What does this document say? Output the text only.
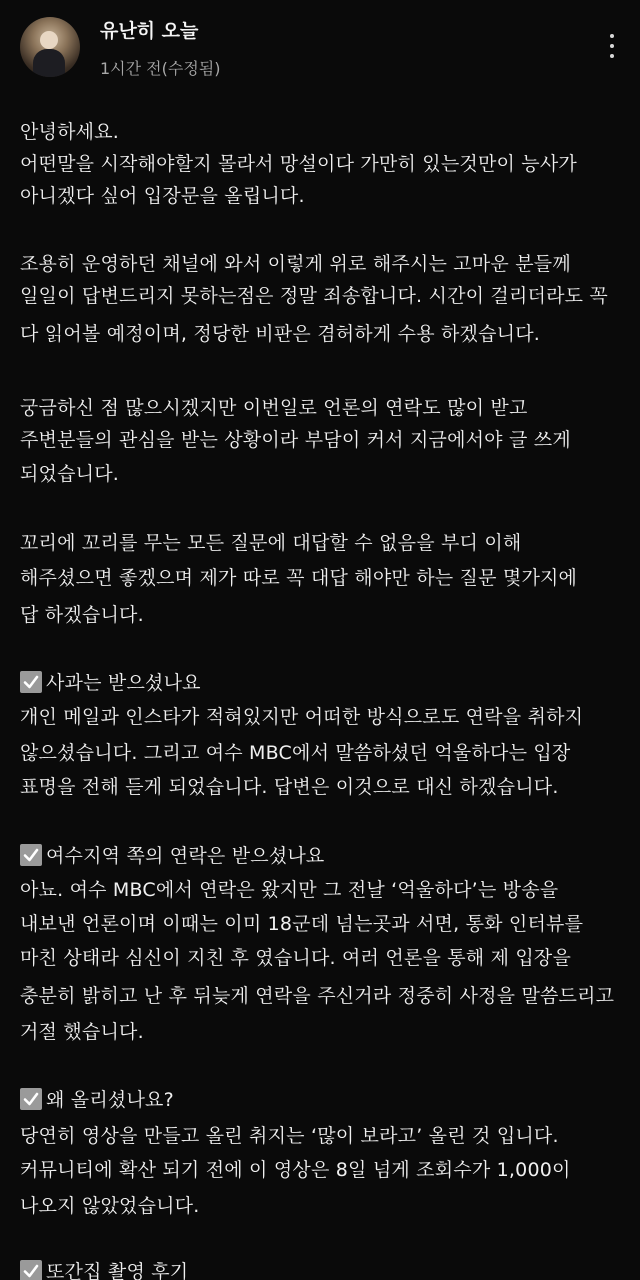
유난히 오늘
1시간 전(수정됨)
안녕하세요.
어떤말을 시작해야할지 몰라서 망설이다 가만히 있는것만이 능사가
아니겠다 싶어 입장문을 올립니다.
조용히 운영하던 채널에 와서 이렇게 위로 해주시는 고마운 분들께
일일이 답변드리지 못하는점은 정말 죄송합니다. 시간이 걸리더라도 꼭
다 읽어볼 예정이며, 정당한 비판은 겸허하게 수용 하겠습니다.
궁금하신 점 많으시겠지만 이번일로 언론의 연락도 많이 받고
주변분들의 관심을 받는 상황이라 부담이 커서 지금에서야 글 쓰게
되었습니다.
꼬리에 꼬리를 무는 모든 질문에 대답할 수 없음을 부디 이해
해주셨으면 좋겠으며 제가 따로 꼭 대답 해야만 하는 질문 몇가지에
답 하겠습니다.
사과는 받으셨나요
개인 메일과 인스타가 적혀있지만 어떠한 방식으로도 연락을 취하지
않으셨습니다. 그리고 여수 MBC에서 말씀하셨던 억울하다는 입장
표명을 전해 듣게 되었습니다. 답변은 이것으로 대신 하겠습니다.
여수지역 쪽의 연락은 받으셨나요
아뇨. 여수 MBC에서 연락은 왔지만 그 전날 ‘억울하다’는 방송을
내보낸 언론이며 이때는 이미 18군데 넘는곳과 서면, 통화 인터뷰를
마친 상태라 심신이 지친 후 였습니다. 여러 언론을 통해 제 입장을
충분히 밝히고 난 후 뒤늦게 연락을 주신거라 정중히 사정을 말씀드리고
거절 했습니다.
왜 올리셨나요?
당연히 영상을 만들고 올린 취지는 ‘많이 보라고’ 올린 것 입니다.
커뮤니티에 확산 되기 전에 이 영상은 8일 넘게 조회수가 1,000이
나오지 않았었습니다.
또간집 촬영 후기
